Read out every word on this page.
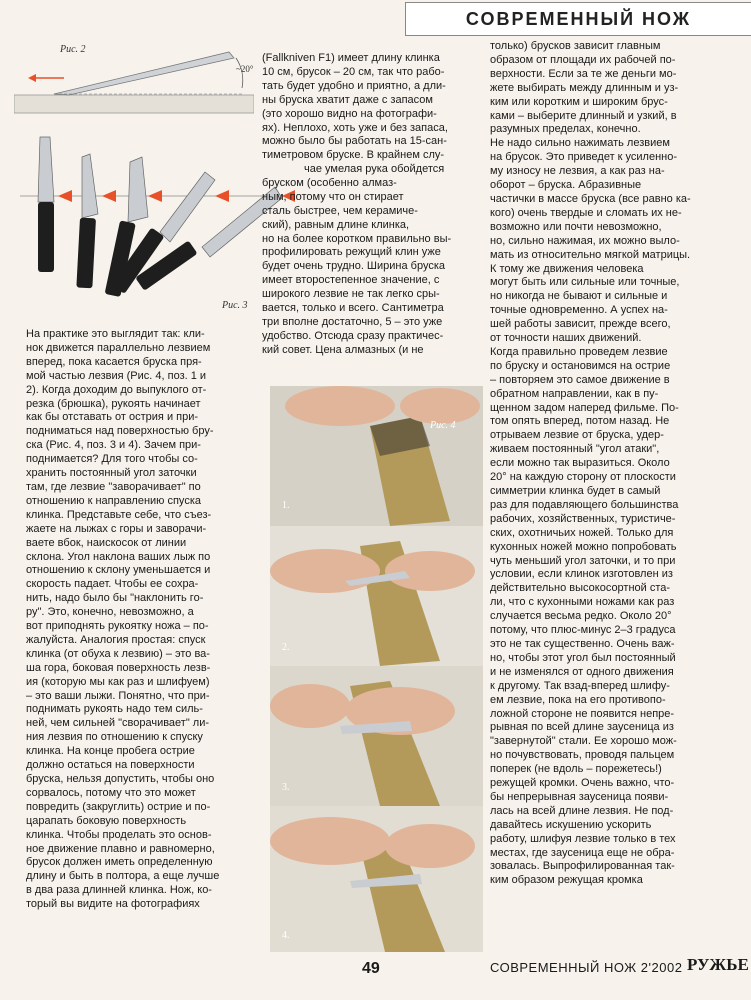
СОВРЕМЕННЫЙ НОЖ
Рис. 2
~20°
Рис. 3
На практике это выглядит так: кли-
нок движется параллельно лезвием
вперед, пока касается бруска пря-
мой частью лезвия (Рис. 4, поз. 1 и
2). Когда доходим до выпуклого от-
резка (брюшка), рукоять начинает
как бы отставать от острия и при-
подниматься над поверхностью бру-
ска (Рис. 4, поз. 3 и 4). Зачем при-
поднимается? Для того чтобы со-
хранить постоянный угол заточки
там, где лезвие "заворачивает" по
отношению к направлению спуска
клинка. Представьте себе, что съез-
жаете на лыжах с горы и заворачи-
ваете вбок, наискосок от линии
склона. Угол наклона ваших лыж по
отношению к склону уменьшается и
скорость падает. Чтобы ее сохра-
нить, надо было бы "наклонить го-
ру". Это, конечно, невозможно, а
вот приподнять рукоятку ножа – по-
жалуйста. Аналогия простая: спуск
клинка (от обуха к лезвию) – это ва-
ша гора, боковая поверхность лезв-
ия (которую мы как раз и шлифуем)
– это ваши лыжи. Понятно, что при-
поднимать рукоять надо тем силь-
ней, чем сильней "сворачивает" ли-
ния лезвия по отношению к спуску
клинка. На конце пробега острие
должно остаться на поверхности
бруска, нельзя допустить, чтобы оно
сорвалось, потому что это может
повредить (закруглить) острие и по-
царапать боковую поверхность
клинка. Чтобы проделать это основ-
ное движение плавно и равномерно,
брусок должен иметь определенную
длину и быть в полтора, а еще лучше
в два раза длинней клинка. Нож, ко-
торый вы видите на фотографиях
(Fallkniven F1) имеет длину клинка
10 см, брусок – 20 см, так что рабо-
тать будет удобно и приятно, а дли-
ны бруска хватит даже с запасом
(это хорошо видно на фотографи-
ях). Неплохо, хоть уже и без запаса,
можно было бы работать на 15-сан-
тиметровом бруске. В крайнем слу-
чае умелая рука обойдется
бруском (особенно алмаз-
ным, потому что он стирает
сталь быстрее, чем керамиче-
ский), равным длине клинка,
но на более коротком правильно вы-
профилировать режущий клин уже
будет очень трудно. Ширина бруска
имеет второстепенное значение, с
широкого лезвие не так легко сры-
вается, только и всего. Сантиметра
три вполне достаточно, 5 – это уже
удобство. Отсюда сразу практичес-
кий совет. Цена алмазных (и не
Рис. 4
1.
2.
3.
4.
только) брусков зависит главным
образом от площади их рабочей по-
верхности. Если за те же деньги мо-
жете выбирать между длинным и уз-
ким или коротким и широким брус-
ками – выберите длинный и узкий, в
разумных пределах, конечно.
Не надо сильно нажимать лезвием
на брусок. Это приведет к усиленно-
му износу не лезвия, а как раз на-
оборот – бруска. Абразивные
частички в массе бруска (все равно ка-
кого) очень твердые и сломать их не-
возможно или почти невозможно,
но, сильно нажимая, их можно выло-
мать из относительно мягкой матрицы.
К тому же движения человека
могут быть или сильные или точные,
но никогда не бывают и сильные и
точные одновременно. А успех на-
шей работы зависит, прежде всего,
от точности наших движений.
Когда правильно проведем лезвие
по бруску и остановимся на острие
– повторяем это самое движение в
обратном направлении, как в пу-
щенном задом наперед фильме. По-
том опять вперед, потом назад. Не
отрываем лезвие от бруска, удер-
живаем постоянный "угол атаки",
если можно так выразиться. Около
20° на каждую сторону от плоскости
симметрии клинка будет в самый
раз для подавляющего большинства
рабочих, хозяйственных, туристиче-
ских, охотничьих ножей. Только для
кухонных ножей можно попробовать
чуть меньший угол заточки, и то при
условии, если клинок изготовлен из
действительно высокосортной ста-
ли, что с кухонными ножами как раз
случается весьма редко. Около 20°
потому, что плюс-минус 2–3 градуса
это не так существенно. Очень важ-
но, чтобы этот угол был постоянный
и не изменялся от одного движения
к другому. Так взад-вперед шлифу-
ем лезвие, пока на его противопо-
ложной стороне не появится непре-
рывная по всей длине заусеница из
"завернутой" стали. Ее хорошо мож-
но почувствовать, проводя пальцем
поперек (не вдоль – порежетесь!)
режущей кромки. Очень важно, что-
бы непрерывная заусеница появи-
лась на всей длине лезвия. Не под-
давайтесь искушению ускорить
работу, шлифуя лезвие только в тех
местах, где заусеница еще не обра-
зовалась. Выпрофилированная так-
ким образом режущая кромка
49	СОВРЕМЕННЫЙ НОЖ 2'2002 РУЖЬЕ
